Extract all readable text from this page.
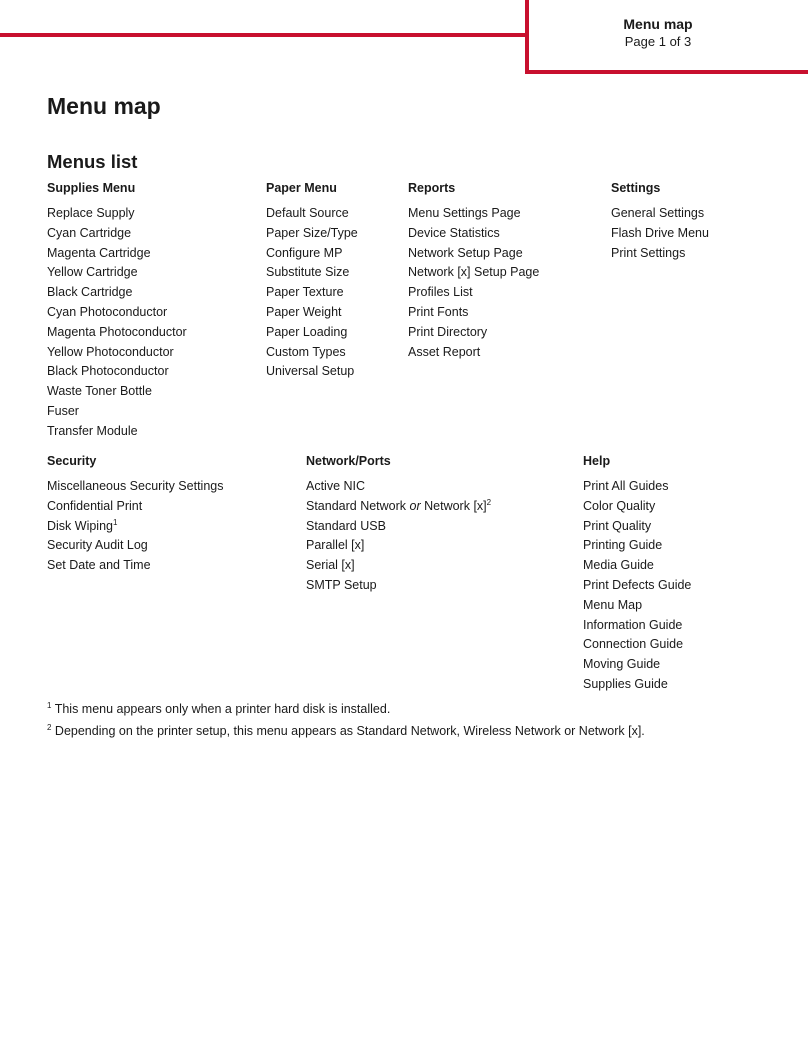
Menu map
Page 1 of 3
Menu map
Menus list
Supplies Menu
Replace Supply
Cyan Cartridge
Magenta Cartridge
Yellow Cartridge
Black Cartridge
Cyan Photoconductor
Magenta Photoconductor
Yellow Photoconductor
Black Photoconductor
Waste Toner Bottle
Fuser
Transfer Module
Paper Menu
Default Source
Paper Size/Type
Configure MP
Substitute Size
Paper Texture
Paper Weight
Paper Loading
Custom Types
Universal Setup
Reports
Menu Settings Page
Device Statistics
Network Setup Page
Network [x] Setup Page
Profiles List
Print Fonts
Print Directory
Asset Report
Settings
General Settings
Flash Drive Menu
Print Settings
Security
Miscellaneous Security Settings
Confidential Print
Disk Wiping$^1$
Security Audit Log
Set Date and Time
Network/Ports
Active NIC
Standard Network or Network $[x]^2$
Standard USB
Parallel [x]
Serial [x]
SMTP Setup
Help
Print All Guides
Color Quality
Print Quality
Printing Guide
Media Guide
Print Defects Guide
Menu Map
Information Guide
Connection Guide
Moving Guide
Supplies Guide
$^1$ This menu appears only when a printer hard disk is installed.
$^2$ Depending on the printer setup, this menu appears as Standard Network, Wireless Network or Network [x].
